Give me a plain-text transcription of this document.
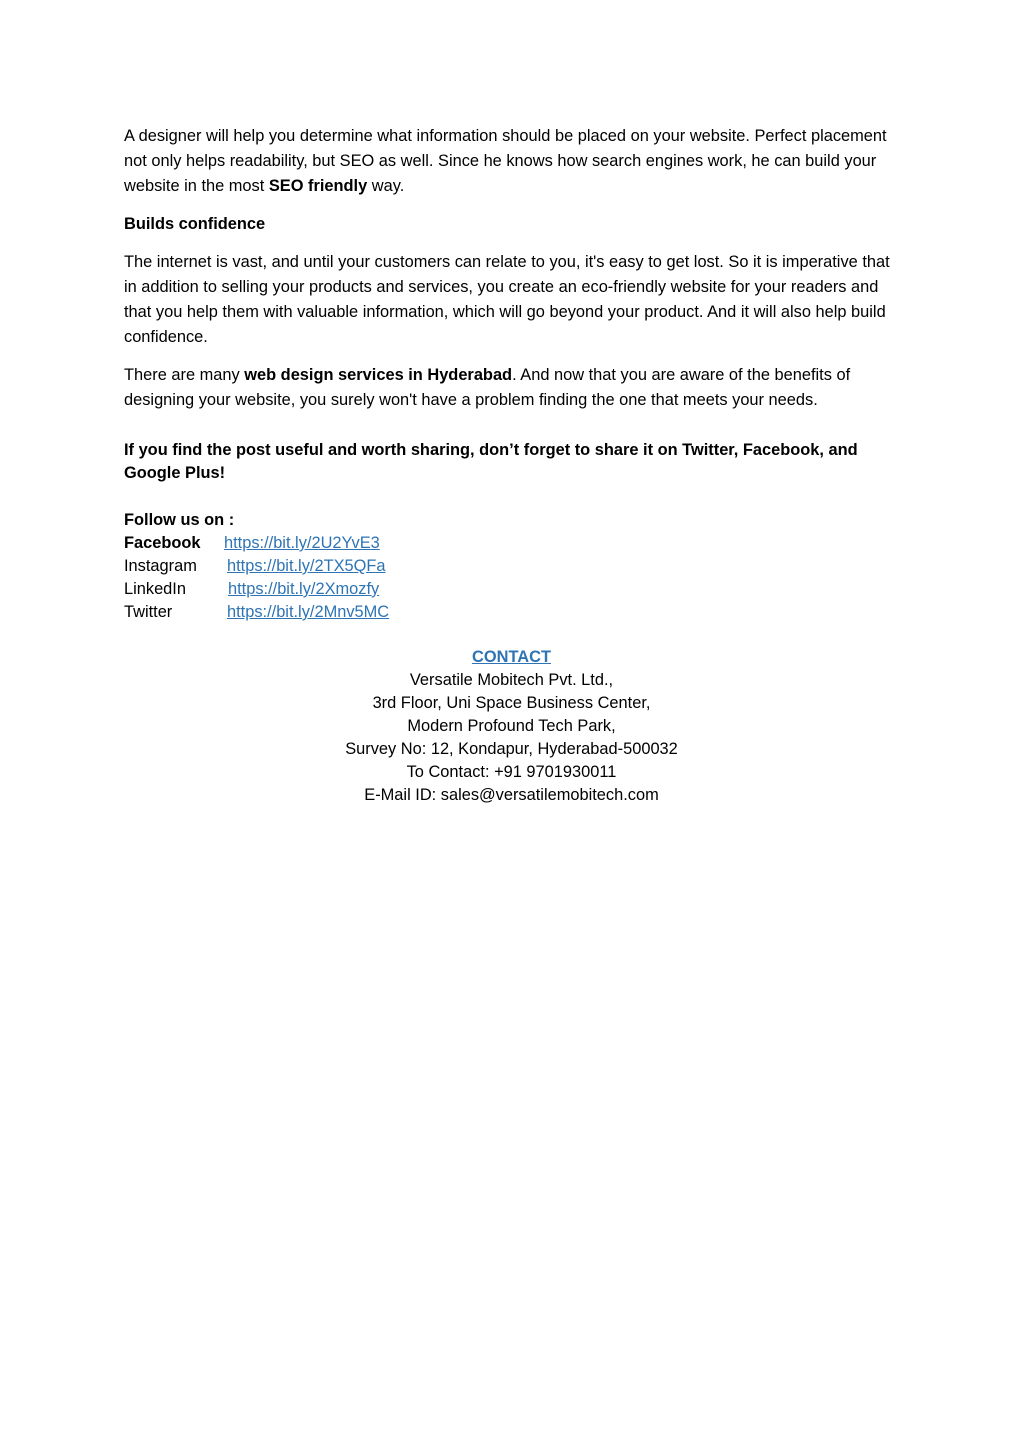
A designer will help you determine what information should be placed on your website. Perfect placement not only helps readability, but SEO as well. Since he knows how search engines work, he can build your website in the most SEO friendly way.

Builds confidence

The internet is vast, and until your customers can relate to you, it's easy to get lost. So it is imperative that in addition to selling your products and services, you create an eco-friendly website for your readers and that you help them with valuable information, which will go beyond your product. And it will also help build confidence.

There are many web design services in Hyderabad. And now that you are aware of the benefits of designing your website, you surely won't have a problem finding the one that meets your needs.

If you find the post useful and worth sharing, don’t forget to share it on Twitter, Facebook, and Google Plus!

Follow us on :

Facebook	https://bit.ly/2U2YvE3
Instagram	https://bit.ly/2TX5QFa
LinkedIn	https://bit.ly/2Xmozfy
Twitter	https://bit.ly/2Mnv5MC
CONTACT
Versatile Mobitech Pvt. Ltd.,
3rd Floor, Uni Space Business Center,
Modern Profound Tech Park,
Survey No: 12, Kondapur, Hyderabad-500032
To Contact: +91 9701930011
E-Mail ID: sales@versatilemobitech.com
